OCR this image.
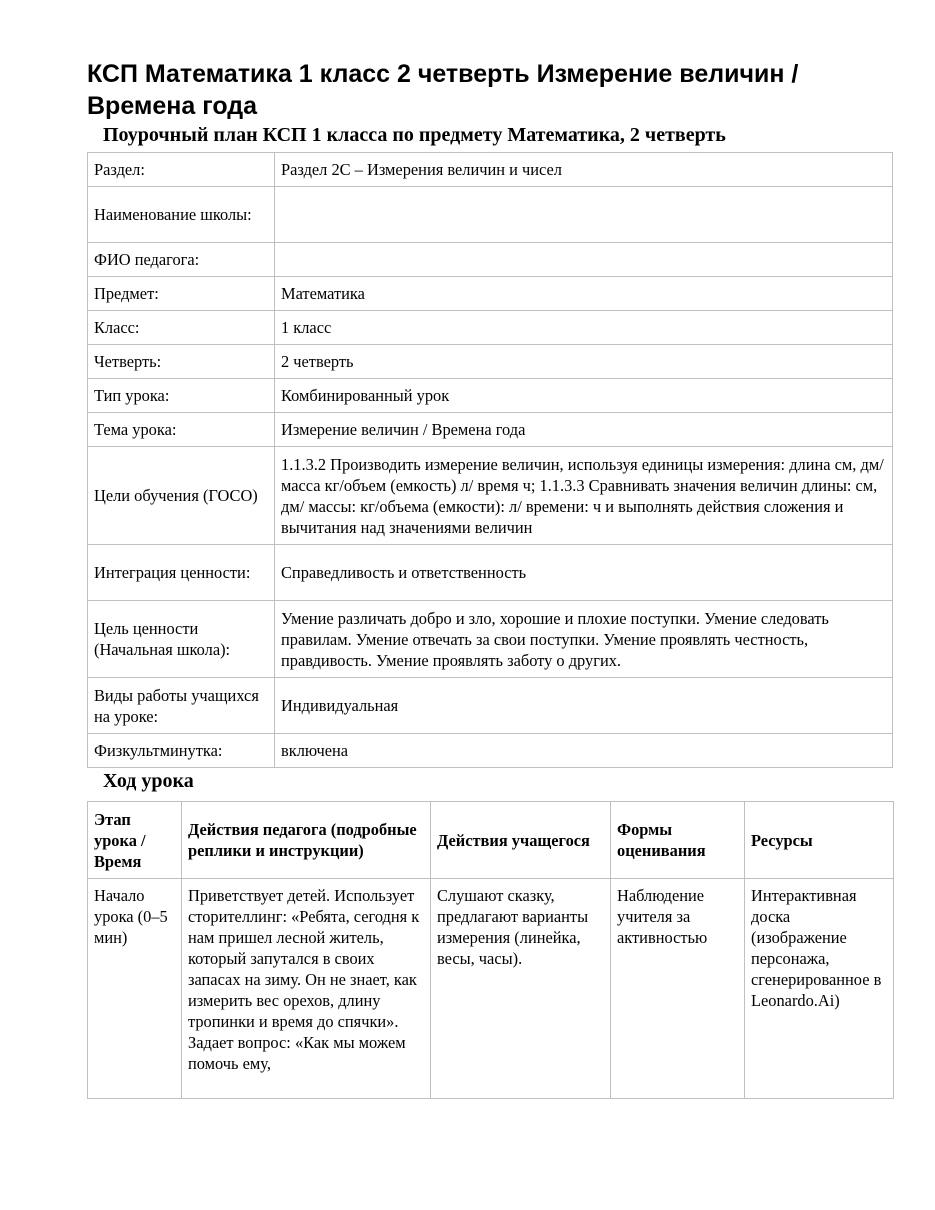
КСП Математика 1 класс 2 четверть Измерение величин / Времена года
Поурочный план КСП 1 класса по предмету Математика, 2 четверть
Раздел:	Раздел 2С – Измерения величин и чисел
Наименование школы:	
ФИО педагога:	
Предмет:	Математика
Класс:	1 класс
Четверть:	2 четверть
Тип урока:	Комбинированный урок
Тема урока:	Измерение величин / Времена года
Цели обучения (ГОСО)	1.1.3.2 Производить измерение величин, используя единицы измерения: длина см, дм/ масса кг/объем (емкость) л/ время ч; 1.1.3.3 Сравнивать значения величин длины: см, дм/ массы: кг/объема (емкости): л/ времени: ч и выполнять действия сложения и вычитания над значениями величин
Интеграция ценности:	Справедливость и ответственность
Цель ценности (Начальная школа):	Умение различать добро и зло, хорошие и плохие поступки. Умение следовать правилам. Умение отвечать за свои поступки. Умение проявлять честность, правдивость. Умение проявлять заботу о других.
Виды работы учащихся на уроке:	Индивидуальная
Физкультминутка:	включена
Ход урока
Этап урока / Время	Действия педагога (подробные реплики и инструкции)	Действия учащегося	Формы оценивания	Ресурсы
Начало урока (0–5 мин)	Приветствует детей. Использует сторителлинг: «Ребята, сегодня к нам пришел лесной житель, который запутался в своих запасах на зиму. Он не знает, как измерить вес орехов, длину тропинки и время до спячки». Задает вопрос: «Как мы можем помочь ему,	Слушают сказку, предлагают варианты измерения (линейка, весы, часы).	Наблюдение учителя за активностью	Интерактивная доска (изображение персонажа, сгенерированное в Leonardo.Ai)
